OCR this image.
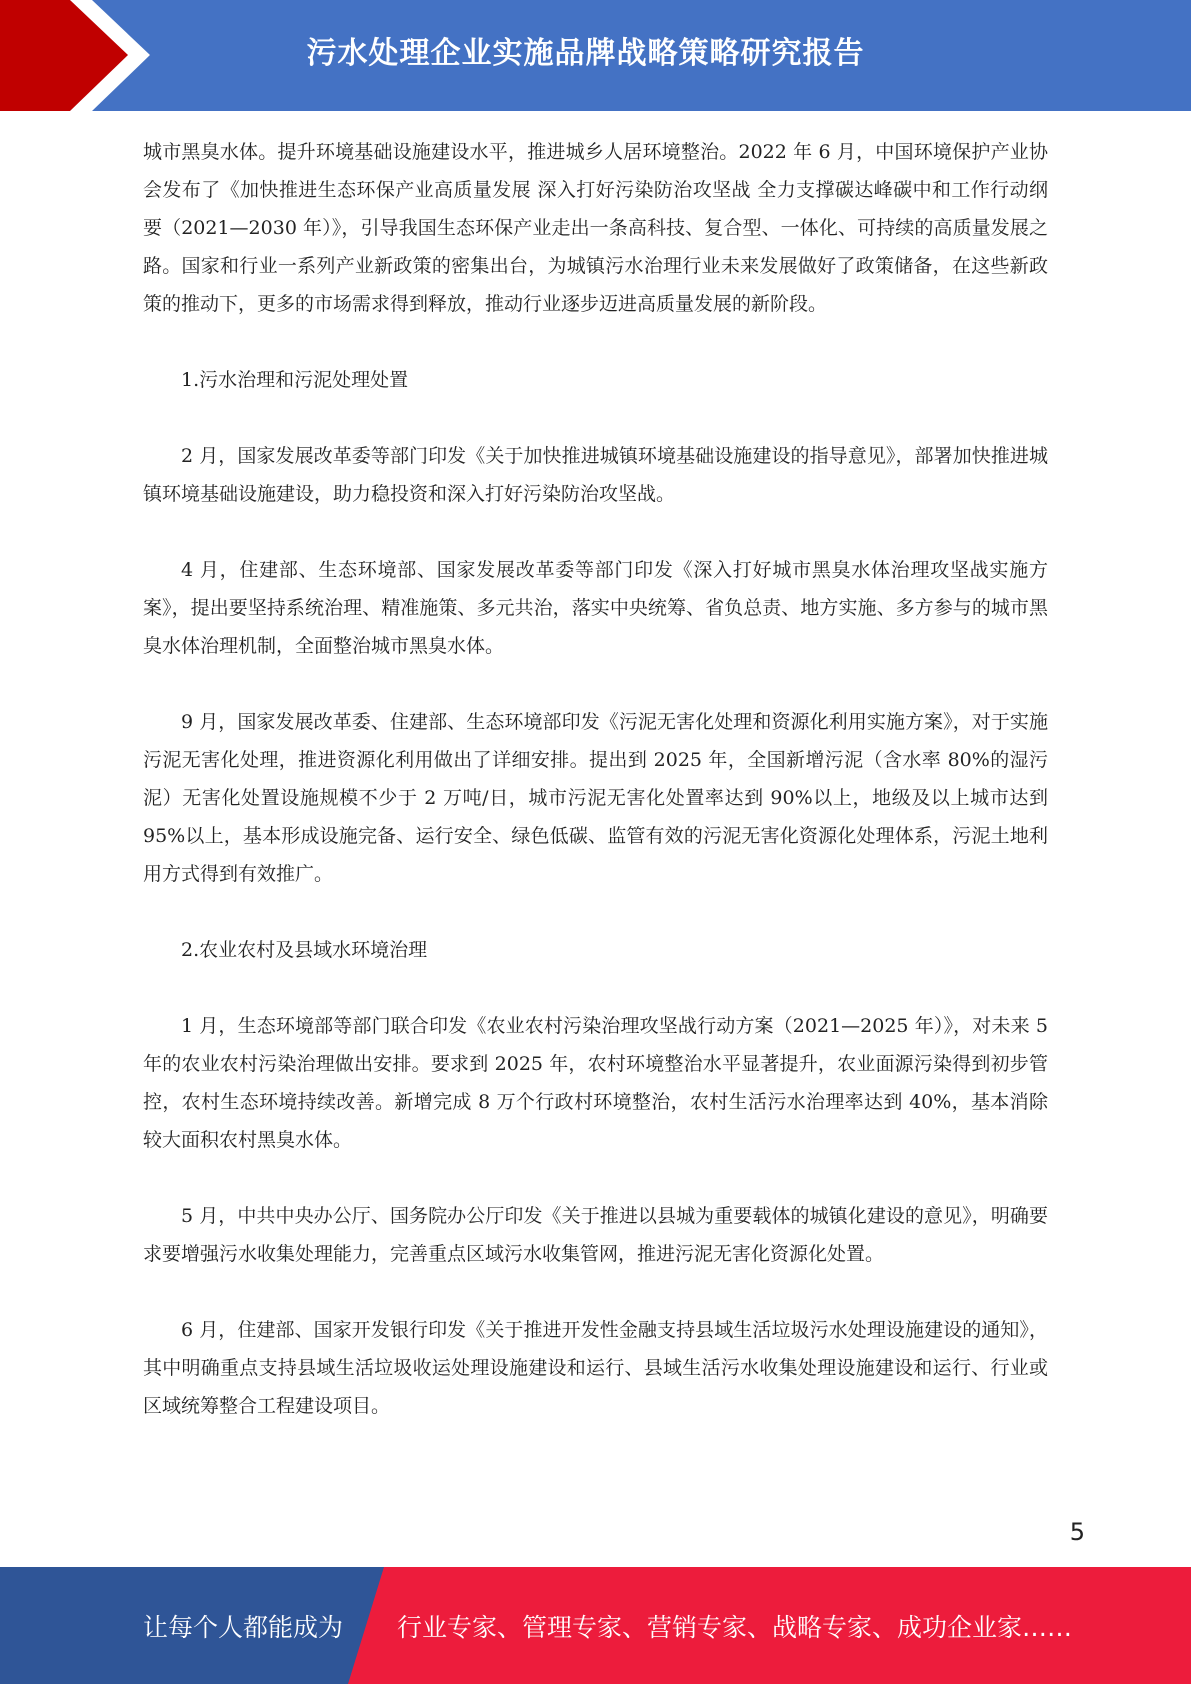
污水处理企业实施品牌战略策略研究报告

城市黑臭水体。提升环境基础设施建设水平，推进城乡人居环境整治。2022 年 6 月，中国环境保护产业协会发布了《加快推进生态环保产业高质量发展 深入打好污染防治攻坚战 全力支撑碳达峰碳中和工作行动纲要（2021—2030 年）》，引导我国生态环保产业走出一条高科技、复合型、一体化、可持续的高质量发展之路。国家和行业一系列产业新政策的密集出台，为城镇污水治理行业未来发展做好了政策储备，在这些新政策的推动下，更多的市场需求得到释放，推动行业逐步迈进高质量发展的新阶段。

1.污水治理和污泥处理处置

2 月，国家发展改革委等部门印发《关于加快推进城镇环境基础设施建设的指导意见》，部署加快推进城镇环境基础设施建设，助力稳投资和深入打好污染防治攻坚战。

4 月，住建部、生态环境部、国家发展改革委等部门印发《深入打好城市黑臭水体治理攻坚战实施方案》，提出要坚持系统治理、精准施策、多元共治，落实中央统筹、省负总责、地方实施、多方参与的城市黑臭水体治理机制，全面整治城市黑臭水体。

9 月，国家发展改革委、住建部、生态环境部印发《污泥无害化处理和资源化利用实施方案》，对于实施污泥无害化处理，推进资源化利用做出了详细安排。提出到 2025 年，全国新增污泥（含水率 80%的湿污泥）无害化处置设施规模不少于 2 万吨/日，城市污泥无害化处置率达到 90%以上，地级及以上城市达到 95%以上，基本形成设施完备、运行安全、绿色低碳、监管有效的污泥无害化资源化处理体系，污泥土地利用方式得到有效推广。

2.农业农村及县域水环境治理

1 月，生态环境部等部门联合印发《农业农村污染治理攻坚战行动方案（2021—2025 年）》，对未来 5 年的农业农村污染治理做出安排。要求到 2025 年，农村环境整治水平显著提升，农业面源污染得到初步管控，农村生态环境持续改善。新增完成 8 万个行政村环境整治，农村生活污水治理率达到 40%，基本消除较大面积农村黑臭水体。

5 月，中共中央办公厅、国务院办公厅印发《关于推进以县城为重要载体的城镇化建设的意见》，明确要求要增强污水收集处理能力，完善重点区域污水收集管网，推进污泥无害化资源化处置。

6 月，住建部、国家开发银行印发《关于推进开发性金融支持县域生活垃圾污水处理设施建设的通知》，其中明确重点支持县域生活垃圾收运处理设施建设和运行、县域生活污水收集处理设施建设和运行、行业或区域统筹整合工程建设项目。

5
让每个人都能成为 行业专家、管理专家、营销专家、战略专家、成功企业家……
